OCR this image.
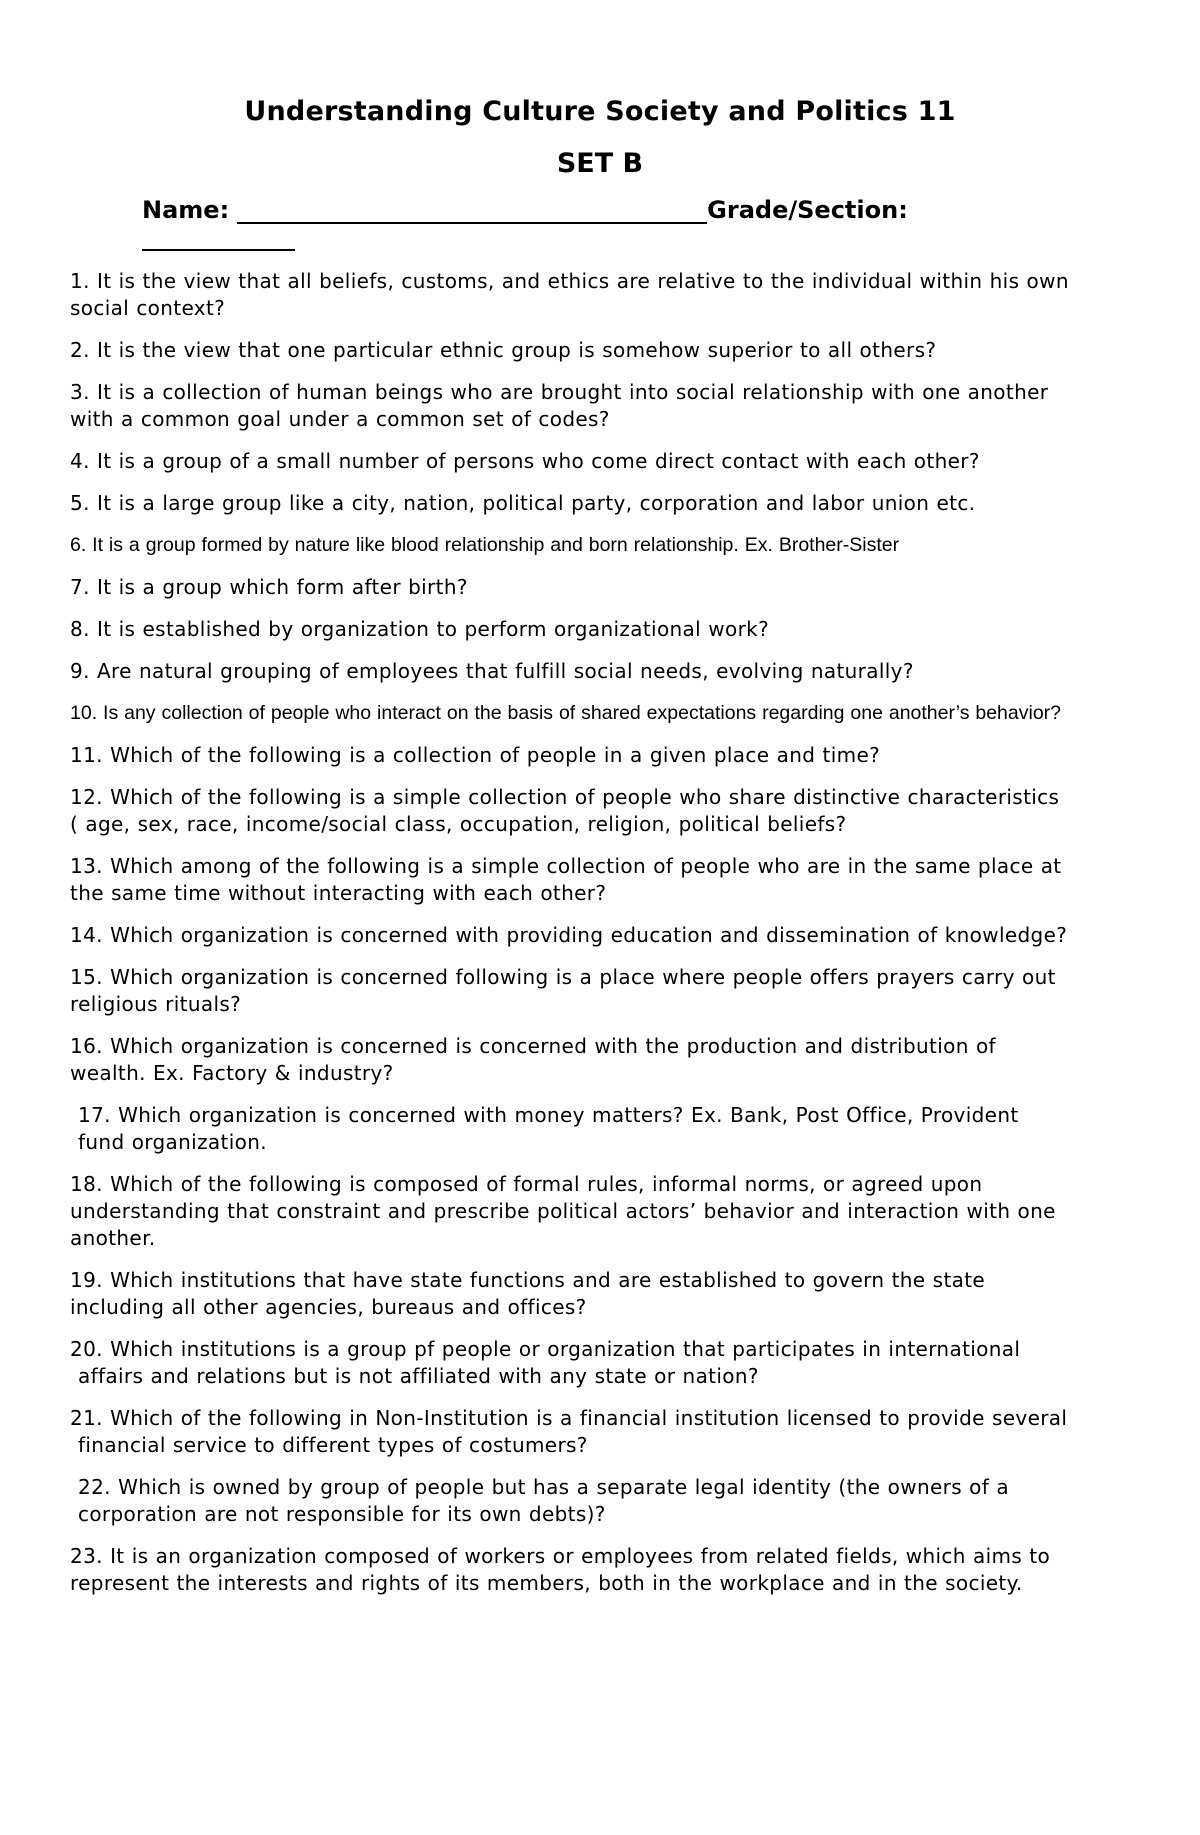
Understanding Culture Society and Politics 11
SET B
Name:	Grade/Section:

1. It is the view that all beliefs, customs, and ethics are relative to the individual within his own social context?

2. It is the view that one particular ethnic group is somehow superior to all others?

3. It is a collection of human beings who are brought into social relationship with one another with a common goal under a common set of codes?

4. It is a group of a small number of persons who come direct contact with each other?

5. It is a large group like a city, nation, political party, corporation and labor union etc.

6. It is a group formed by nature like blood relationship and born relationship. Ex. Brother-Sister

7. It is a group which form after birth?

8. It is established by organization to perform organizational work?

9. Are natural grouping of employees that fulfill social needs, evolving naturally?

10. Is any collection of people who interact on the basis of shared expectations regarding one another’s behavior?

11. Which of the following is a collection of people in a given place and time?

12. Which of the following is a simple collection of people who share distinctive characteristics ( age, sex, race, income/social class, occupation, religion, political beliefs?

13. Which among of the following is a simple collection of people who are in the same place at the same time without interacting with each other?

14. Which organization is concerned with providing education and dissemination of knowledge?

15. Which organization is concerned following is a place where people offers prayers carry out religious rituals?

16. Which organization is concerned is concerned with the production and distribution of wealth. Ex. Factory & industry?

17. Which organization is concerned with money matters? Ex. Bank, Post Office, Provident fund organization.

18. Which of the following is composed of formal rules, informal norms, or agreed upon understanding that constraint and prescribe political actors’ behavior and interaction with one another.

19. Which institutions that have state functions and are established to govern the state including all other agencies, bureaus and offices?

20. Which institutions is a group pf people or organization that participates in international affairs and relations but is not affiliated with any state or nation?

21. Which of the following in Non-Institution is a financial institution licensed to provide several financial service to different types of costumers?

22. Which is owned by group of people but has a separate legal identity (the owners of a corporation are not responsible for its own debts)?

23. It is an organization composed of workers or employees from related fields, which aims to represent the interests and rights of its members, both in the workplace and in the society.
